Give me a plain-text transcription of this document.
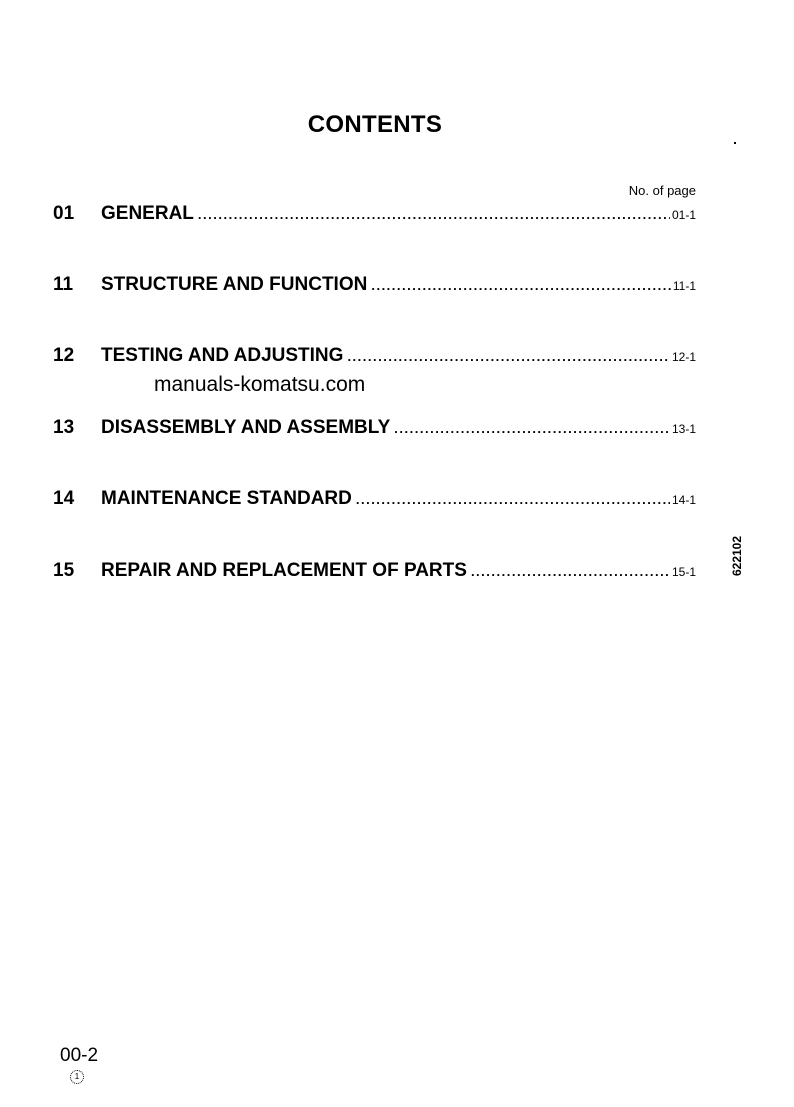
CONTENTS
No. of page
01	GENERAL .....	01-1
11	STRUCTURE AND FUNCTION .....	11-1
12	TESTING AND ADJUSTING .....	12-1
manuals-komatsu.com
13	DISASSEMBLY AND ASSEMBLY .....	13-1
14	MAINTENANCE STANDARD .....	14-1
15	REPAIR AND REPLACEMENT OF PARTS .....	15-1	622102
00-2
1
